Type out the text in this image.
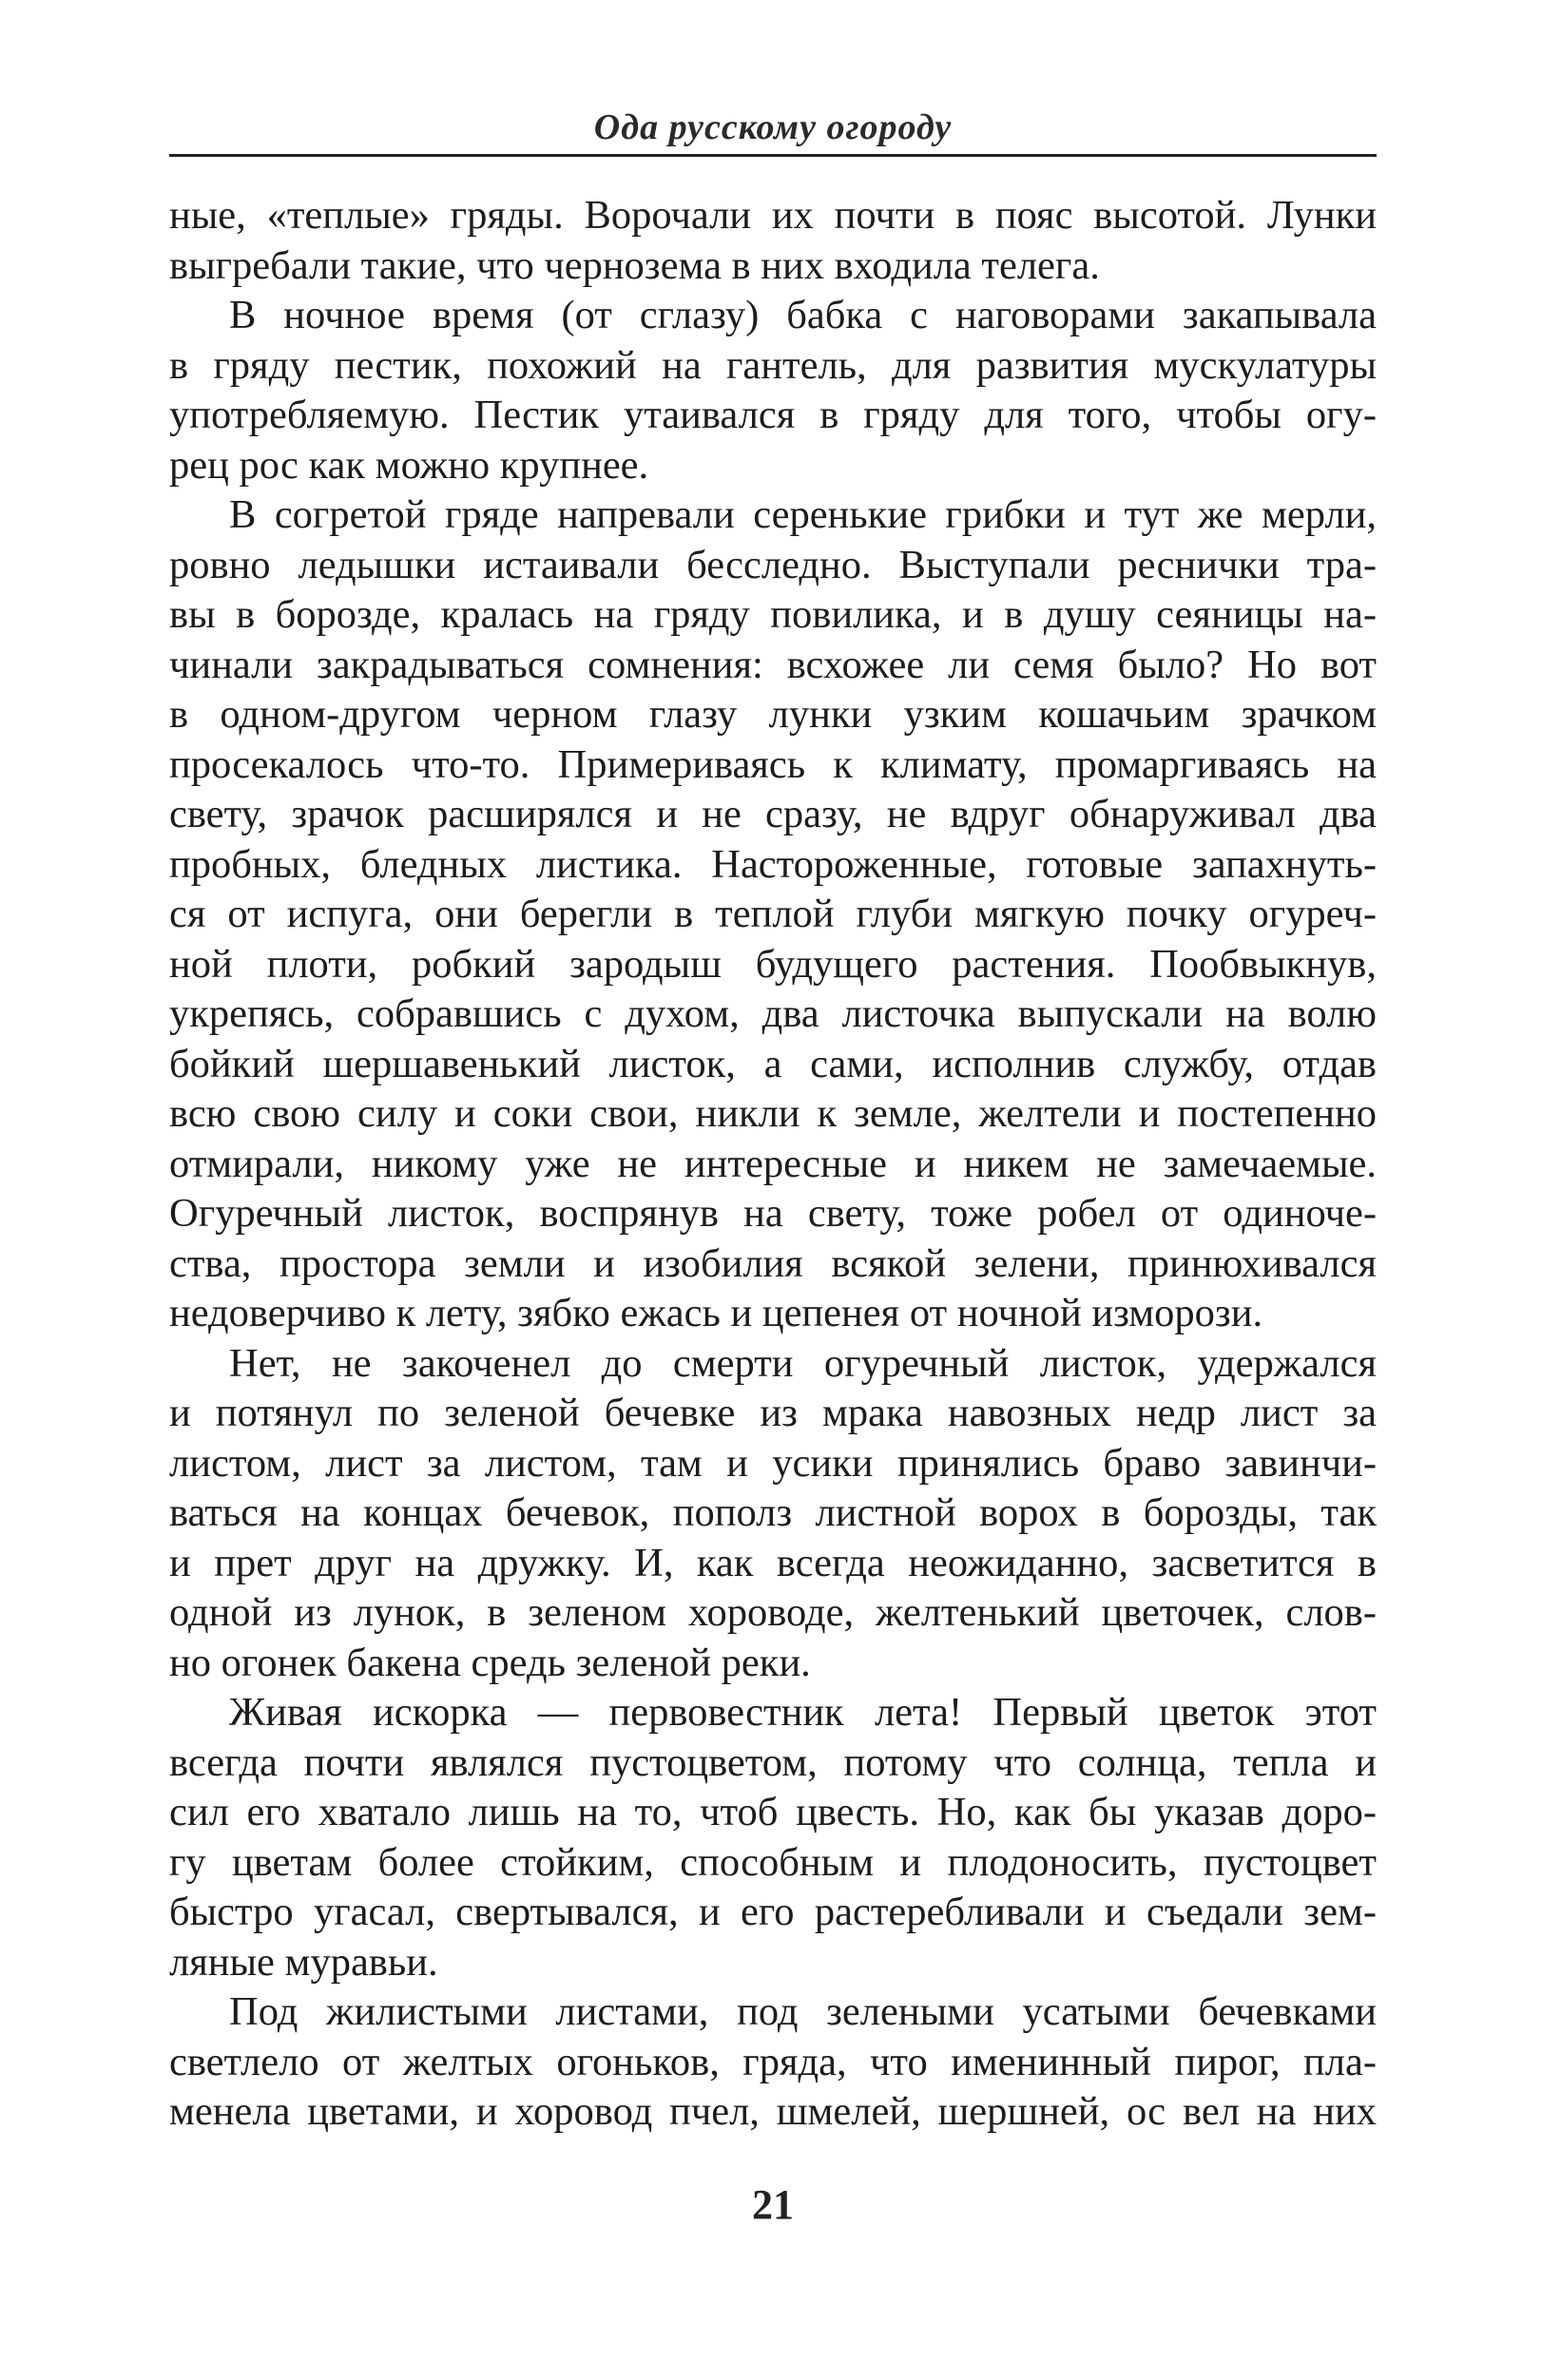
Ода русскому огороду
ные, «теплые» гряды. Ворочали их почти в пояс высотой. Лунки
выгребали такие, что чернозема в них входила телега.
В ночное время (от сглазу) бабка с наговорами закапывала
в гряду пестик, похожий на гантель, для развития мускулатуры
употребляемую. Пестик утаивался в гряду для того, чтобы огу-
рец рос как можно крупнее.
В согретой гряде напревали серенькие грибки и тут же мерли,
ровно ледышки истаивали бесследно. Выступали реснички тра-
вы в борозде, кралась на гряду повилика, и в душу сеяницы на-
чинали закрадываться сомнения: всхожее ли семя было? Но вот
в одном-другом черном глазу лунки узким кошачьим зрачком
просекалось что-то. Примериваясь к климату, промаргиваясь на
свету, зрачок расширялся и не сразу, не вдруг обнаруживал два
пробных, бледных листика. Настороженные, готовые запахнуть-
ся от испуга, они берегли в теплой глуби мягкую почку огуреч-
ной плоти, робкий зародыш будущего растения. Пообвыкнув,
укрепясь, собравшись с духом, два листочка выпускали на волю
бойкий шершавенький листок, а сами, исполнив службу, отдав
всю свою силу и соки свои, никли к земле, желтели и постепенно
отмирали, никому уже не интересные и никем не замечаемые.
Огуречный листок, воспрянув на свету, тоже робел от одиноче-
ства, простора земли и изобилия всякой зелени, принюхивался
недоверчиво к лету, зябко ежась и цепенея от ночной изморози.
Нет, не закоченел до смерти огуречный листок, удержался
и потянул по зеленой бечевке из мрака навозных недр лист за
листом, лист за листом, там и усики принялись браво завинчи-
ваться на концах бечевок, пополз листной ворох в борозды, так
и прет друг на дружку. И, как всегда неожиданно, засветится в
одной из лунок, в зеленом хороводе, желтенький цветочек, слов-
но огонек бакена средь зеленой реки.
Живая искорка — первовестник лета! Первый цветок этот
всегда почти являлся пустоцветом, потому что солнца, тепла и
сил его хватало лишь на то, чтоб цвесть. Но, как бы указав доро-
гу цветам более стойким, способным и плодоносить, пустоцвет
быстро угасал, свертывался, и его растеребливали и съедали зем-
ляные муравьи.
Под жилистыми листами, под зелеными усатыми бечевками
светлело от желтых огоньков, гряда, что именинный пирог, пла-
менела цветами, и хоровод пчел, шмелей, шершней, ос вел на них
21
